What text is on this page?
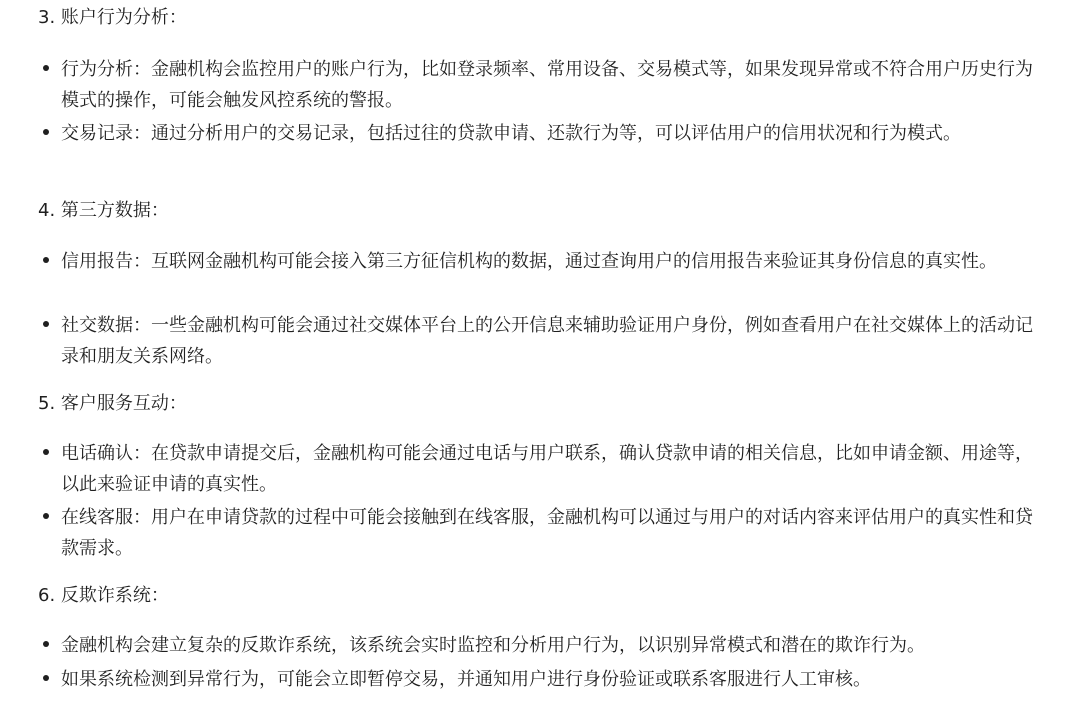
3. 账户行为分析：
行为分析：金融机构会监控用户的账户行为，比如登录频率、常用设备、交易模式等，如果发现异常或不符合用户历史行为模式的操作，可能会触发风控系统的警报。
交易记录：通过分析用户的交易记录，包括过往的贷款申请、还款行为等，可以评估用户的信用状况和行为模式。
4. 第三方数据：
信用报告：互联网金融机构可能会接入第三方征信机构的数据，通过查询用户的信用报告来验证其身份信息的真实性。
社交数据：一些金融机构可能会通过社交媒体平台上的公开信息来辅助验证用户身份，例如查看用户在社交媒体上的活动记录和朋友关系网络。
5. 客户服务互动：
电话确认：在贷款申请提交后，金融机构可能会通过电话与用户联系，确认贷款申请的相关信息，比如申请金额、用途等，以此来验证申请的真实性。
在线客服：用户在申请贷款的过程中可能会接触到在线客服，金融机构可以通过与用户的对话内容来评估用户的真实性和贷款需求。
6. 反欺诈系统：
金融机构会建立复杂的反欺诈系统，该系统会实时监控和分析用户行为，以识别异常模式和潜在的欺诈行为。
如果系统检测到异常行为，可能会立即暂停交易，并通知用户进行身份验证或联系客服进行人工审核。
